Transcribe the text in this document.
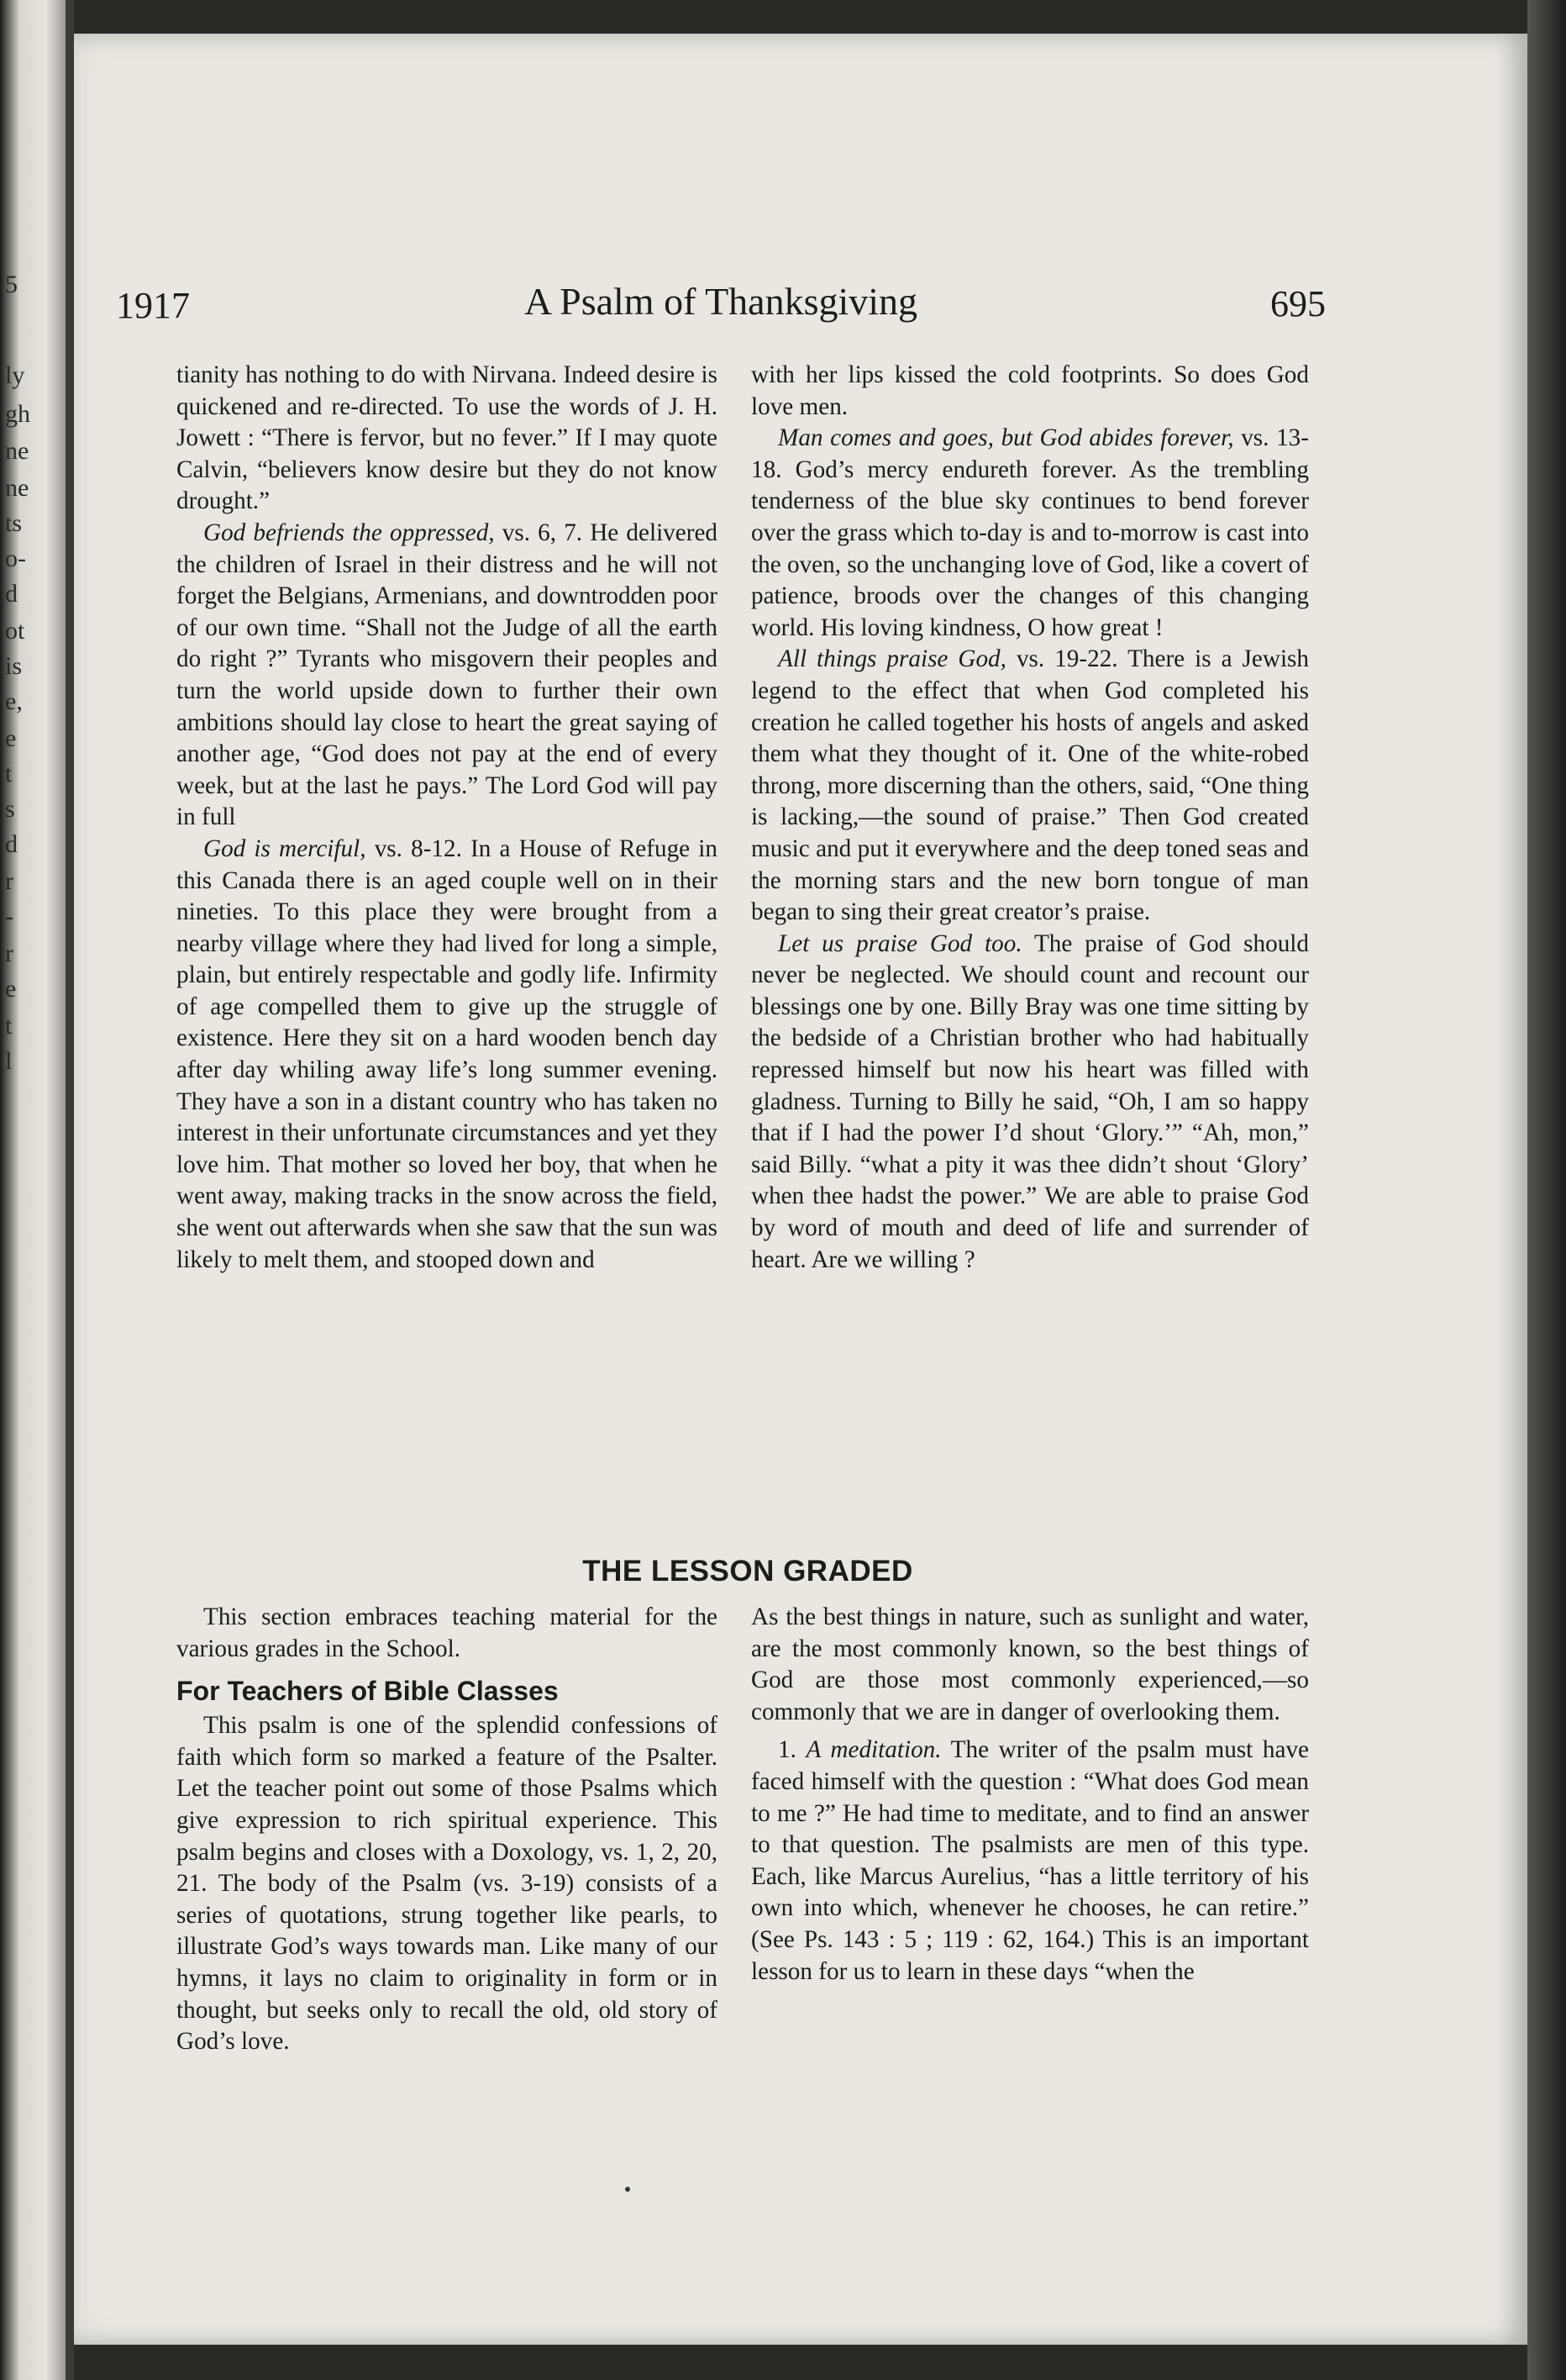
5
ly
gh
ne
ne
ts
o-
d
ot
is
e,
e
t
s
d
r
-
r
e
t
l
1917	A Psalm of Thanksgiving	695

tianity has nothing to do with Nirvana. Indeed desire is quickened and re-directed. To use the words of J. H. Jowett : “There is fervor, but no fever.” If I may quote Calvin, “believers know desire but they do not know drought.”

God befriends the oppressed, vs. 6, 7. He delivered the children of Israel in their distress and he will not forget the Belgians, Armenians, and downtrodden poor of our own time. “Shall not the Judge of all the earth do right ?” Tyrants who misgovern their peoples and turn the world upside down to further their own ambitions should lay close to heart the great saying of another age, “God does not pay at the end of every week, but at the last he pays.” The Lord God will pay in full

God is merciful, vs. 8-12. In a House of Refuge in this Canada there is an aged couple well on in their nineties. To this place they were brought from a nearby village where they had lived for long a simple, plain, but entirely respectable and godly life. Infirmity of age compelled them to give up the struggle of existence. Here they sit on a hard wooden bench day after day whiling away life’s long summer evening. They have a son in a distant country who has taken no interest in their unfortunate circumstances and yet they love him. That mother so loved her boy, that when he went away, making tracks in the snow across the field, she went out afterwards when she saw that the sun was likely to melt them, and stooped down and

with her lips kissed the cold footprints. So does God love men.

Man comes and goes, but God abides forever, vs. 13-18. God’s mercy endureth forever. As the trembling tenderness of the blue sky continues to bend forever over the grass which to-day is and to-morrow is cast into the oven, so the unchanging love of God, like a covert of patience, broods over the changes of this changing world. His loving kindness, O how great !

All things praise God, vs. 19-22. There is a Jewish legend to the effect that when God completed his creation he called together his hosts of angels and asked them what they thought of it. One of the white-robed throng, more discerning than the others, said, “One thing is lacking,—the sound of praise.” Then God created music and put it everywhere and the deep toned seas and the morning stars and the new born tongue of man began to sing their great creator’s praise.

Let us praise God too. The praise of God should never be neglected. We should count and recount our blessings one by one. Billy Bray was one time sitting by the bedside of a Christian brother who had habitually repressed himself but now his heart was filled with gladness. Turning to Billy he said, “Oh, I am so happy that if I had the power I’d shout ‘Glory.’” “Ah, mon,” said Billy. “what a pity it was thee didn’t shout ‘Glory’ when thee hadst the power.” We are able to praise God by word of mouth and deed of life and surrender of heart. Are we willing ?

THE LESSON GRADED

This section embraces teaching material for the various grades in the School.

For Teachers of Bible Classes

This psalm is one of the splendid confessions of faith which form so marked a feature of the Psalter. Let the teacher point out some of those Psalms which give expression to rich spiritual experience. This psalm begins and closes with a Doxology, vs. 1, 2, 20, 21. The body of the Psalm (vs. 3-19) consists of a series of quotations, strung together like pearls, to illustrate God’s ways towards man. Like many of our hymns, it lays no claim to originality in form or in thought, but seeks only to recall the old, old story of God’s love.

As the best things in nature, such as sunlight and water, are the most commonly known, so the best things of God are those most commonly experienced,—so commonly that we are in danger of overlooking them.

1. A meditation. The writer of the psalm must have faced himself with the question : “What does God mean to me ?” He had time to meditate, and to find an answer to that question. The psalmists are men of this type. Each, like Marcus Aurelius, “has a little territory of his own into which, whenever he chooses, he can retire.” (See Ps. 143 : 5 ; 119 : 62, 164.) This is an important lesson for us to learn in these days “when the
